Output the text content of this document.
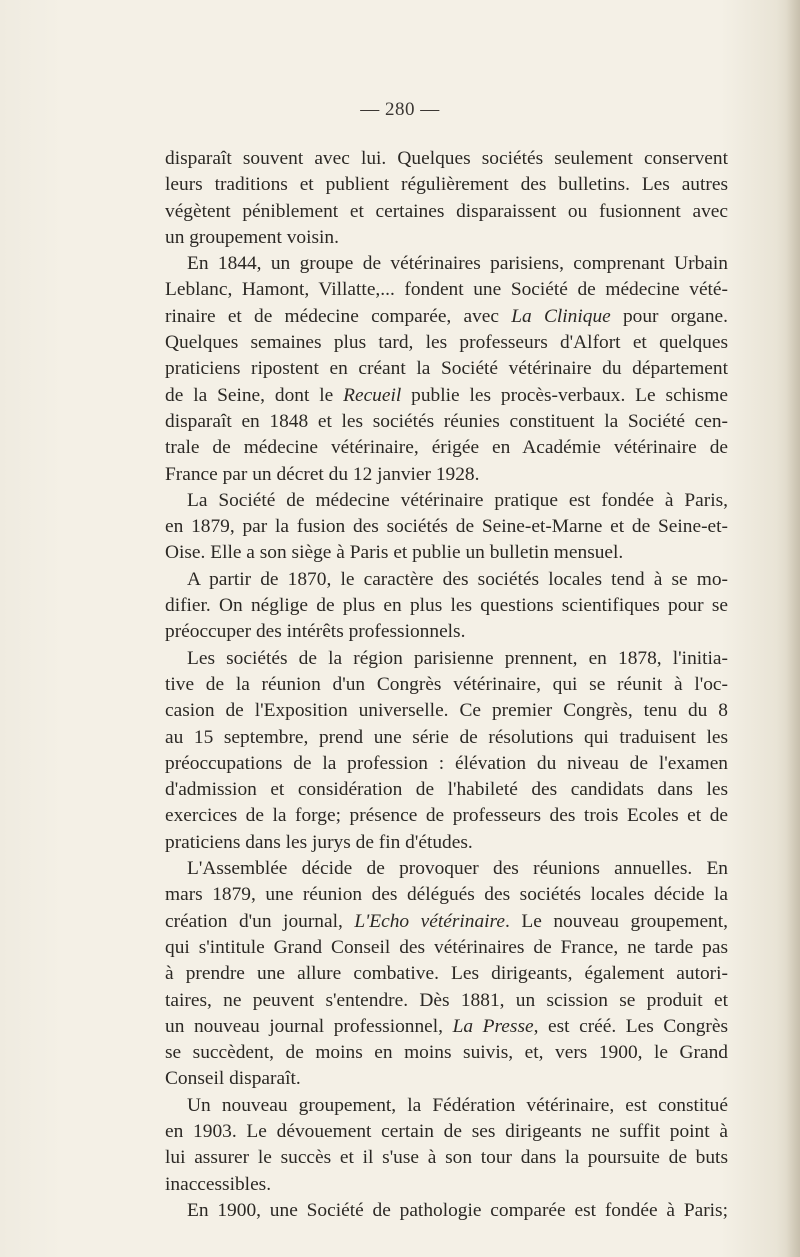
— 280 —
disparaît souvent avec lui. Quelques sociétés seulement conservent
leurs traditions et publient régulièrement des bulletins. Les autres
végètent péniblement et certaines disparaissent ou fusionnent avec
un groupement voisin.
En 1844, un groupe de vétérinaires parisiens, comprenant Urbain
Leblanc, Hamont, Villatte,... fondent une Société de médecine vété-
rinaire et de médecine comparée, avec La Clinique pour organe.
Quelques semaines plus tard, les professeurs d'Alfort et quelques
praticiens ripostent en créant la Société vétérinaire du département
de la Seine, dont le Recueil publie les procès-verbaux. Le schisme
disparaît en 1848 et les sociétés réunies constituent la Société cen-
trale de médecine vétérinaire, érigée en Académie vétérinaire de
France par un décret du 12 janvier 1928.
La Société de médecine vétérinaire pratique est fondée à Paris,
en 1879, par la fusion des sociétés de Seine-et-Marne et de Seine-et-
Oise. Elle a son siège à Paris et publie un bulletin mensuel.
A partir de 1870, le caractère des sociétés locales tend à se mo-
difier. On néglige de plus en plus les questions scientifiques pour se
préoccuper des intérêts professionnels.
Les sociétés de la région parisienne prennent, en 1878, l'initia-
tive de la réunion d'un Congrès vétérinaire, qui se réunit à l'oc-
casion de l'Exposition universelle. Ce premier Congrès, tenu du 8
au 15 septembre, prend une série de résolutions qui traduisent les
préoccupations de la profession : élévation du niveau de l'examen
d'admission et considération de l'habileté des candidats dans les
exercices de la forge; présence de professeurs des trois Ecoles et de
praticiens dans les jurys de fin d'études.
L'Assemblée décide de provoquer des réunions annuelles. En
mars 1879, une réunion des délégués des sociétés locales décide la
création d'un journal, L'Echo vétérinaire. Le nouveau groupement,
qui s'intitule Grand Conseil des vétérinaires de France, ne tarde pas
à prendre une allure combative. Les dirigeants, également autori-
taires, ne peuvent s'entendre. Dès 1881, un scission se produit et
un nouveau journal professionnel, La Presse, est créé. Les Congrès
se succèdent, de moins en moins suivis, et, vers 1900, le Grand
Conseil disparaît.
Un nouveau groupement, la Fédération vétérinaire, est constitué
en 1903. Le dévouement certain de ses dirigeants ne suffit point à
lui assurer le succès et il s'use à son tour dans la poursuite de buts
inaccessibles.
En 1900, une Société de pathologie comparée est fondée à Paris;
